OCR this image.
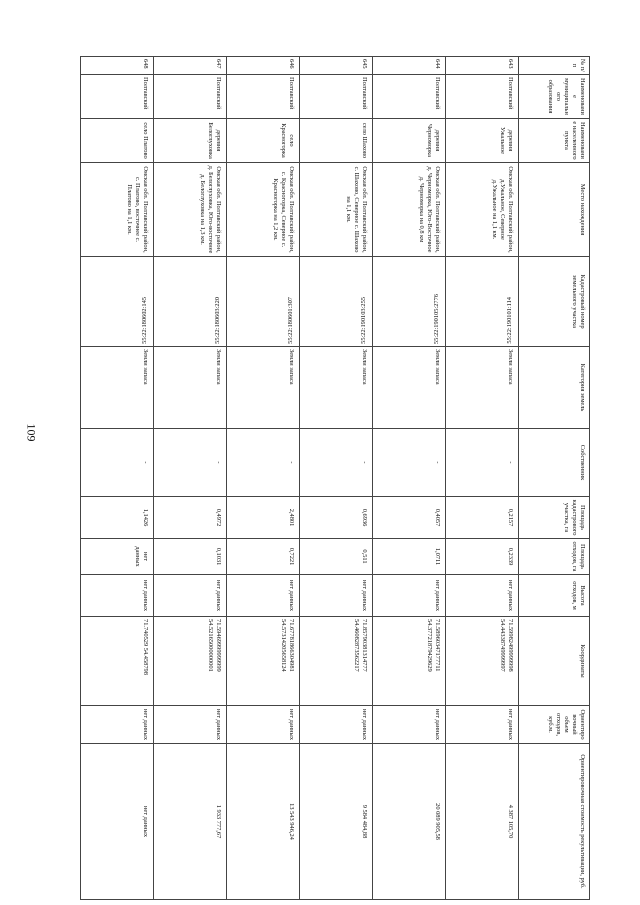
109
№ п/п	Наименование муниципального образования	Наименование населенного пункта	Место нахождения	Кадастровый номер земельного участка	Категория земель	Собственник	Площадь кадастрового участка, га	Площадь отходов, га	Высота отходов, м	Координаты	Ориентировочный объем отходов, куб.м.	Ориентировочная стоимость рекультивации, руб.
643	Полтавский	деревня Ужальное	Омская обл. Полтавский район, д.Ужальное, Северное д.Ужальное на 1,1 км.	55:22:190101:114	Земли запаса	-	0,2157	0,2339	нет данных	71.59982499999998 54.44338749999997	нет данных	4 387 105,70
644	Полтавский	деревня Черноморка	Омская обл. Полтавский район, д. Черноморка, Юго-Восточное д. Черноморка на 0,8 км	55:22:190105:2776	Земли запаса	-	0,4057	1,0711	нет данных	71.58960347177711 54.37721879429629	нет данных	20 089 905,58
645	Полтавский	село Шахово	Омская обл. Полтавский район, с. Шахово, Северное с. Шахово на 1,1 км.	55:22:190103:255	Земли запаса	-	0,6936	0,511	нет данных	71.85790381314777 54.46082873562217	нет данных	9 584 484,88
646	Полтавский	село Красногорка	Омская обл. Полтавский район, с. Красногорка, Северное с. Красногорка на 1,2 км.	55:22:180601:307	Земли запаса	-	2,4801	0,7221	нет данных	71.67781866304981 54.57314205658124	нет данных	13 543 946,24
647	Полтавский	деревня Белоглуховка	Омская обл. Полтавский район, д. Белоглуховка, Юго-восточнее д. Белоглуховка на 1,3 км.	55:22:180603:220	Земли запаса	-	0,4972	0,1031	нет данных	71.59469999999999 54.52165000000001	нет данных	1 933 777,67
648	Полтавский	село Платово	Омская обл. Полтавский район, с. Платово, восточнее с. Платово на 1,1 км.	55:22:180602:145	Земли запаса	-	1,1426	нет данных	нет данных	71.740529 54.458798	нет данных	нет данных
